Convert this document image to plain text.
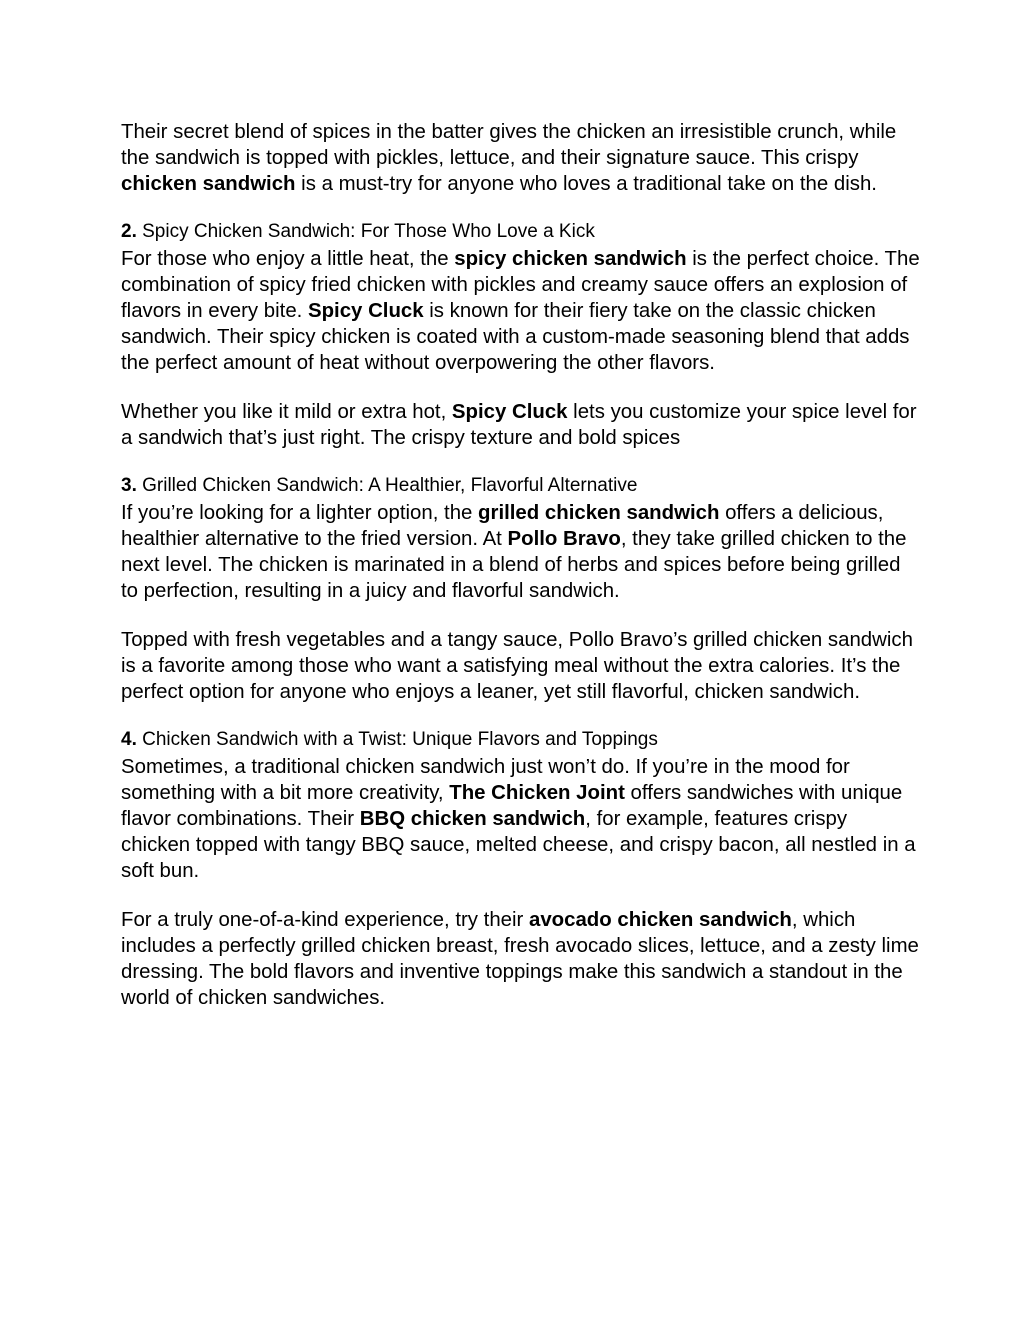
Their secret blend of spices in the batter gives the chicken an irresistible crunch, while the sandwich is topped with pickles, lettuce, and their signature sauce. This crispy chicken sandwich is a must-try for anyone who loves a traditional take on the dish.

2. Spicy Chicken Sandwich: For Those Who Love a Kick

For those who enjoy a little heat, the spicy chicken sandwich is the perfect choice. The combination of spicy fried chicken with pickles and creamy sauce offers an explosion of flavors in every bite. Spicy Cluck is known for their fiery take on the classic chicken sandwich. Their spicy chicken is coated with a custom-made seasoning blend that adds the perfect amount of heat without overpowering the other flavors.

Whether you like it mild or extra hot, Spicy Cluck lets you customize your spice level for a sandwich that’s just right. The crispy texture and bold spices

3. Grilled Chicken Sandwich: A Healthier, Flavorful Alternative

If you’re looking for a lighter option, the grilled chicken sandwich offers a delicious, healthier alternative to the fried version. At Pollo Bravo, they take grilled chicken to the next level. The chicken is marinated in a blend of herbs and spices before being grilled to perfection, resulting in a juicy and flavorful sandwich.

Topped with fresh vegetables and a tangy sauce, Pollo Bravo’s grilled chicken sandwich is a favorite among those who want a satisfying meal without the extra calories. It’s the perfect option for anyone who enjoys a leaner, yet still flavorful, chicken sandwich.

4. Chicken Sandwich with a Twist: Unique Flavors and Toppings

Sometimes, a traditional chicken sandwich just won’t do. If you’re in the mood for something with a bit more creativity, The Chicken Joint offers sandwiches with unique flavor combinations. Their BBQ chicken sandwich, for example, features crispy chicken topped with tangy BBQ sauce, melted cheese, and crispy bacon, all nestled in a soft bun.

For a truly one-of-a-kind experience, try their avocado chicken sandwich, which includes a perfectly grilled chicken breast, fresh avocado slices, lettuce, and a zesty lime dressing. The bold flavors and inventive toppings make this sandwich a standout in the world of chicken sandwiches.
